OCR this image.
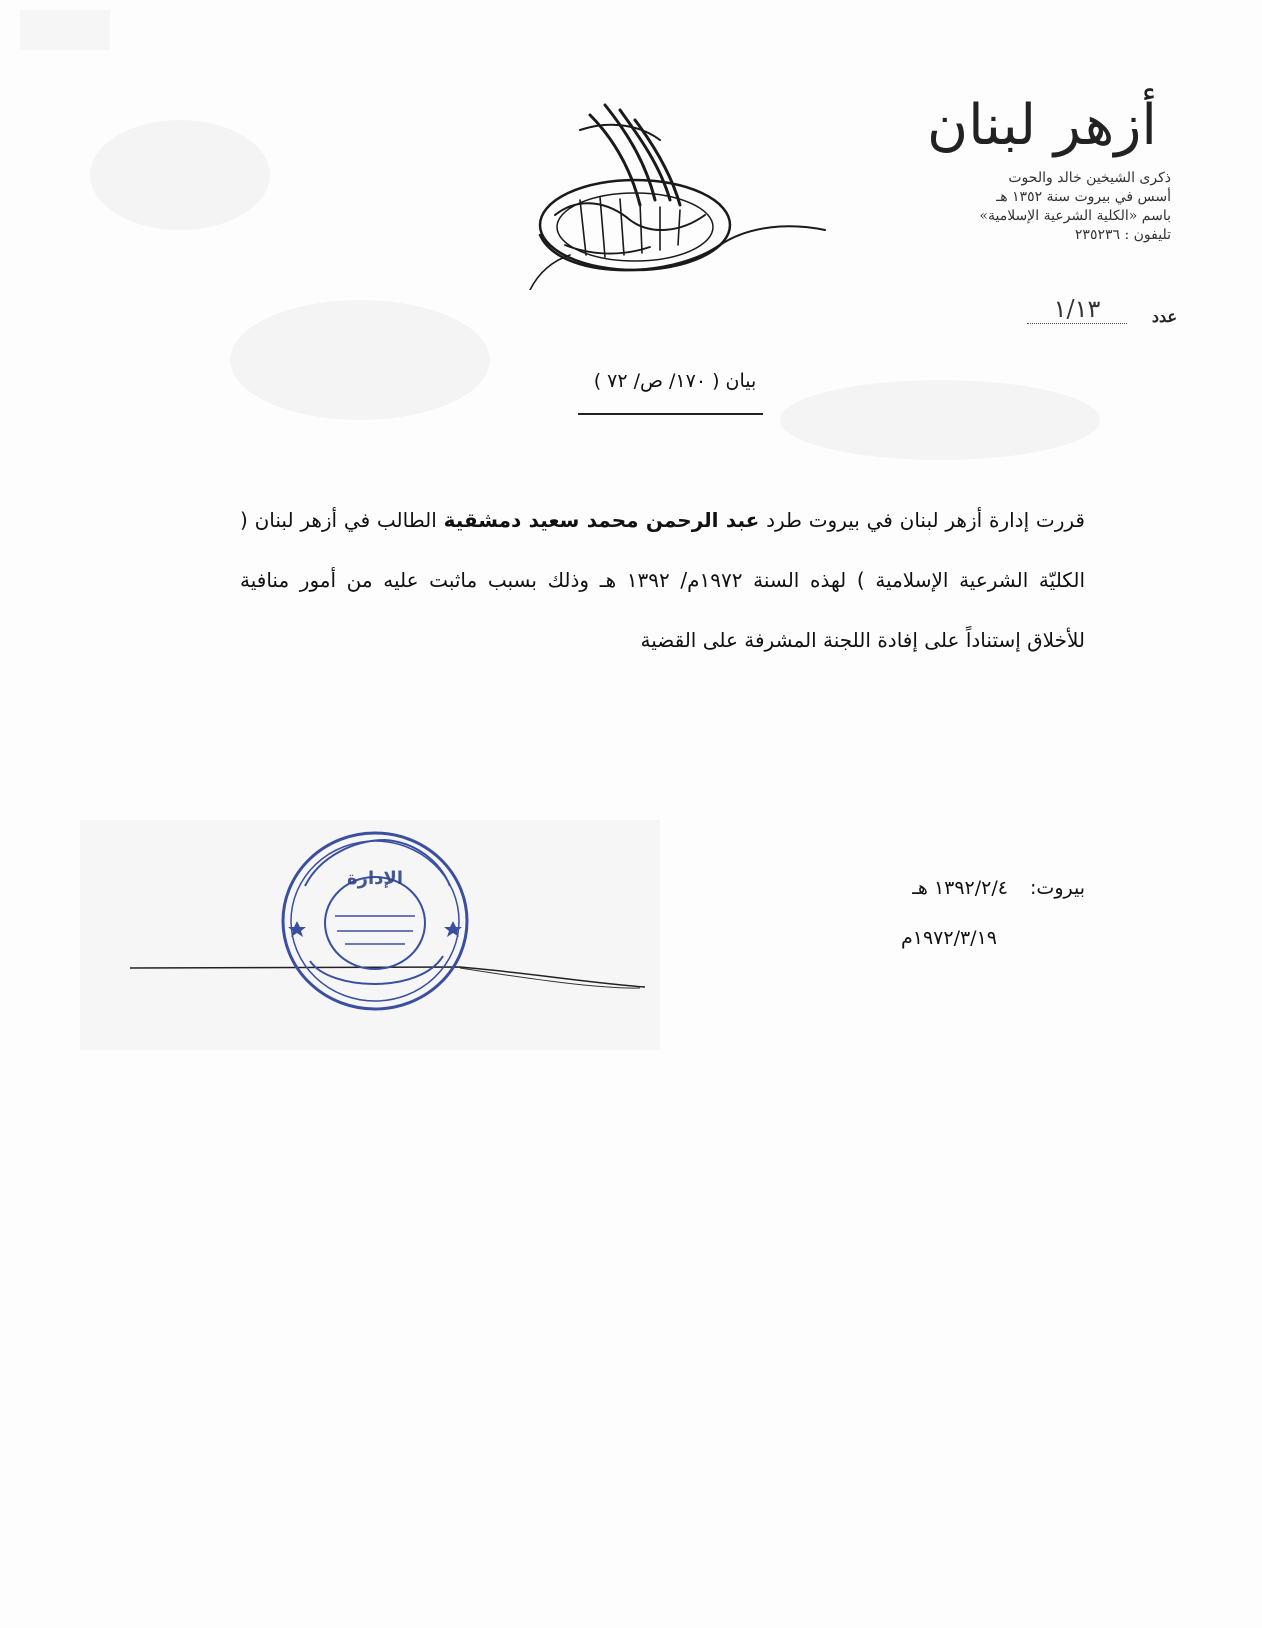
أزهر لبنان
ذكرى الشيخين خالد والحوت
أسس في بيروت سنة ١٣٥٢ هـ
باسم «الكلية الشرعية الإسلامية»
تليفون : ٢٣٥٢٣٦
عدد
١/١٣
بيان ( ١٧٠/ ص/ ٧٢ )
قررت إدارة أزهر لبنان في بيروت طرد عبد الرحمن محمد سعيد دمشقية الطالب في أزهر لبنان ( الكليّة الشرعية الإسلامية ) لهذه السنة ١٩٧٢م/ ١٣٩٢ هـ وذلك بسبب ماثبت عليه من أمور منافية للأخلاق إستناداً على إفادة اللجنة المشرفة على القضية
بيروت: ١٣٩٢/٢/٤ هـ
١٩٧٢/٣/١٩م
الإدارة
